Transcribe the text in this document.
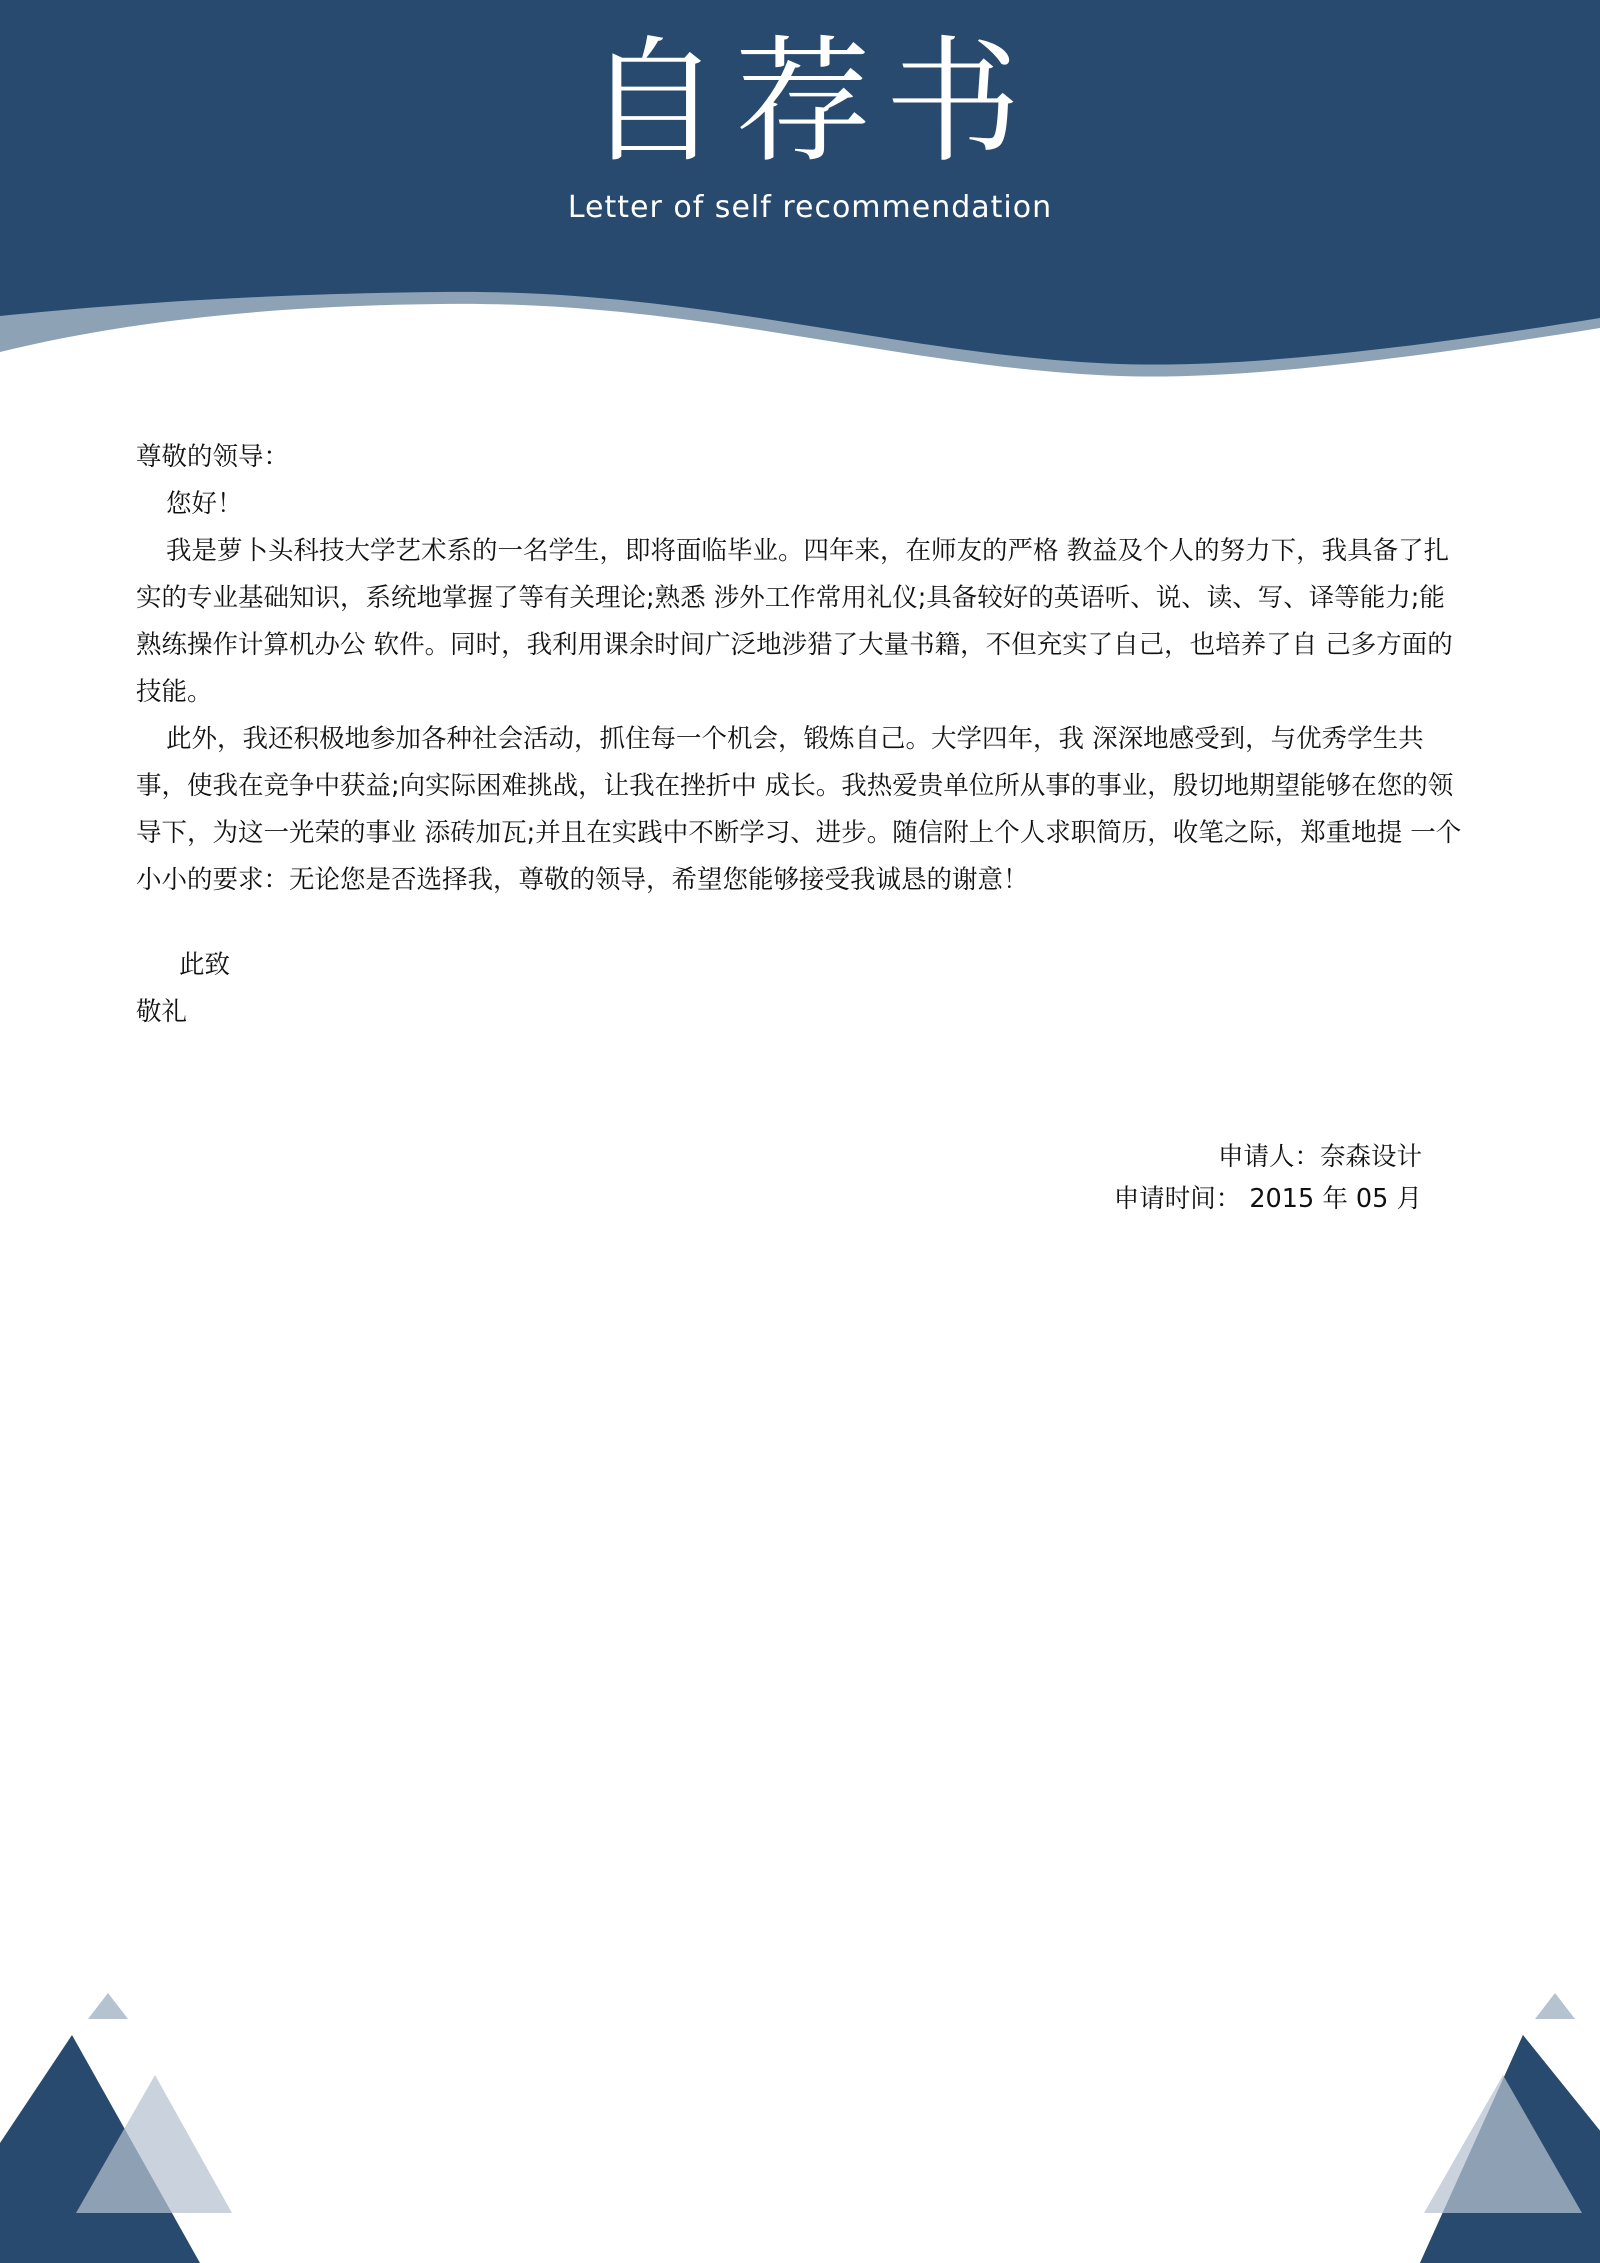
自荐书
Letter of self recommendation

尊敬的领导：

您好！

我是萝卜头科技大学艺术系的一名学生，即将面临毕业。四年来，在师友的严格 教益及个人的努力下，我具备了扎实的专业基础知识，系统地掌握了等有关理论;熟悉 涉外工作常用礼仪;具备较好的英语听、说、读、写、译等能力;能熟练操作计算机办公 软件。同时，我利用课余时间广泛地涉猎了大量书籍，不但充实了自己，也培养了自 己多方面的技能。

此外，我还积极地参加各种社会活动，抓住每一个机会，锻炼自己。大学四年，我 深深地感受到，与优秀学生共事，使我在竞争中获益;向实际困难挑战，让我在挫折中 成长。我热爱贵单位所从事的事业，殷切地期望能够在您的领导下，为这一光荣的事业 添砖加瓦;并且在实践中不断学习、进步。随信附上个人求职简历，收笔之际，郑重地提 一个小小的要求：无论您是否选择我，尊敬的领导，希望您能够接受我诚恳的谢意！

此致

敬礼

申请人：奈森设计

申请时间： 2015 年 05 月
